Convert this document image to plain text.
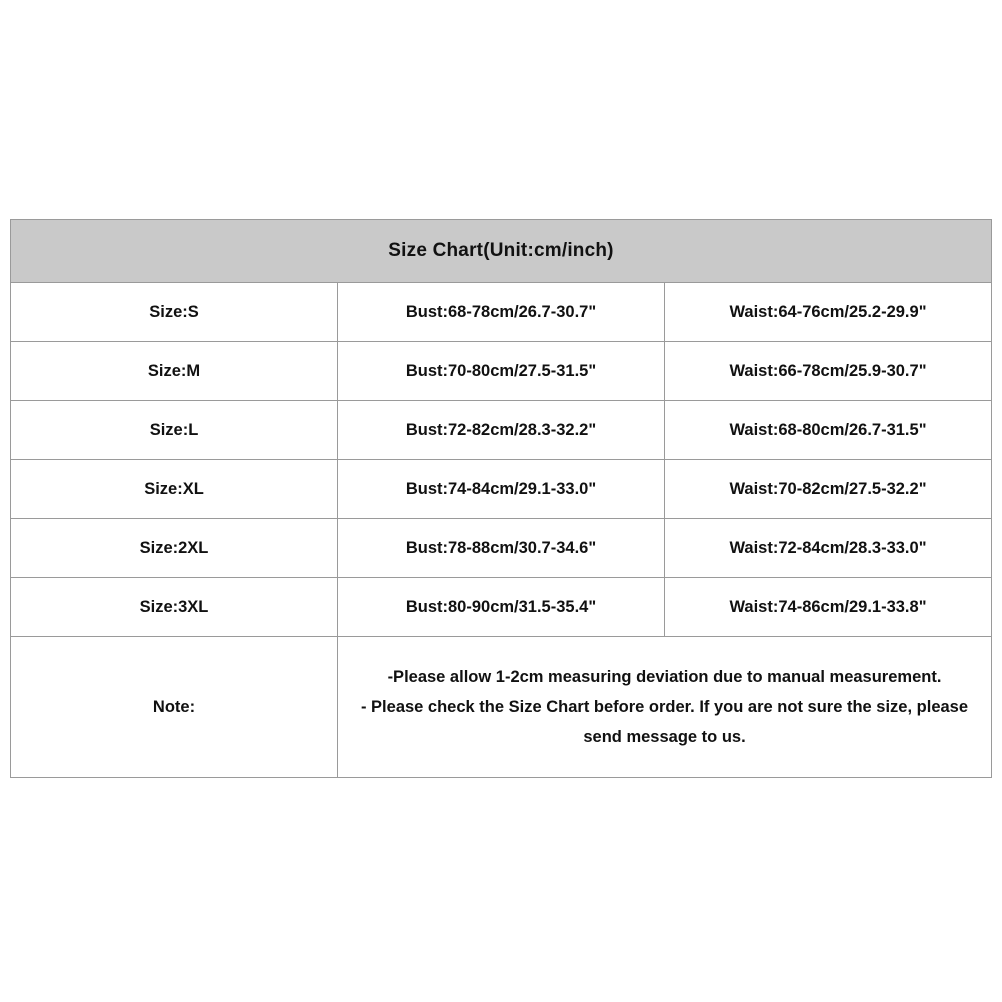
Size Chart(Unit:cm/inch)		
Size:S	Bust:68-78cm/26.7-30.7"	Waist:64-76cm/25.2-29.9"
Size:M	Bust:70-80cm/27.5-31.5"	Waist:66-78cm/25.9-30.7"
Size:L	Bust:72-82cm/28.3-32.2"	Waist:68-80cm/26.7-31.5"
Size:XL	Bust:74-84cm/29.1-33.0"	Waist:70-82cm/27.5-32.2"
Size:2XL	Bust:78-88cm/30.7-34.6"	Waist:72-84cm/28.3-33.0"
Size:3XL	Bust:80-90cm/31.5-35.4"	Waist:74-86cm/29.1-33.8"
Note:	-Please allow 1-2cm measuring deviation due to manual measurement.
- Please check the Size Chart before order. If you are not sure the size, please
send message to us.	
